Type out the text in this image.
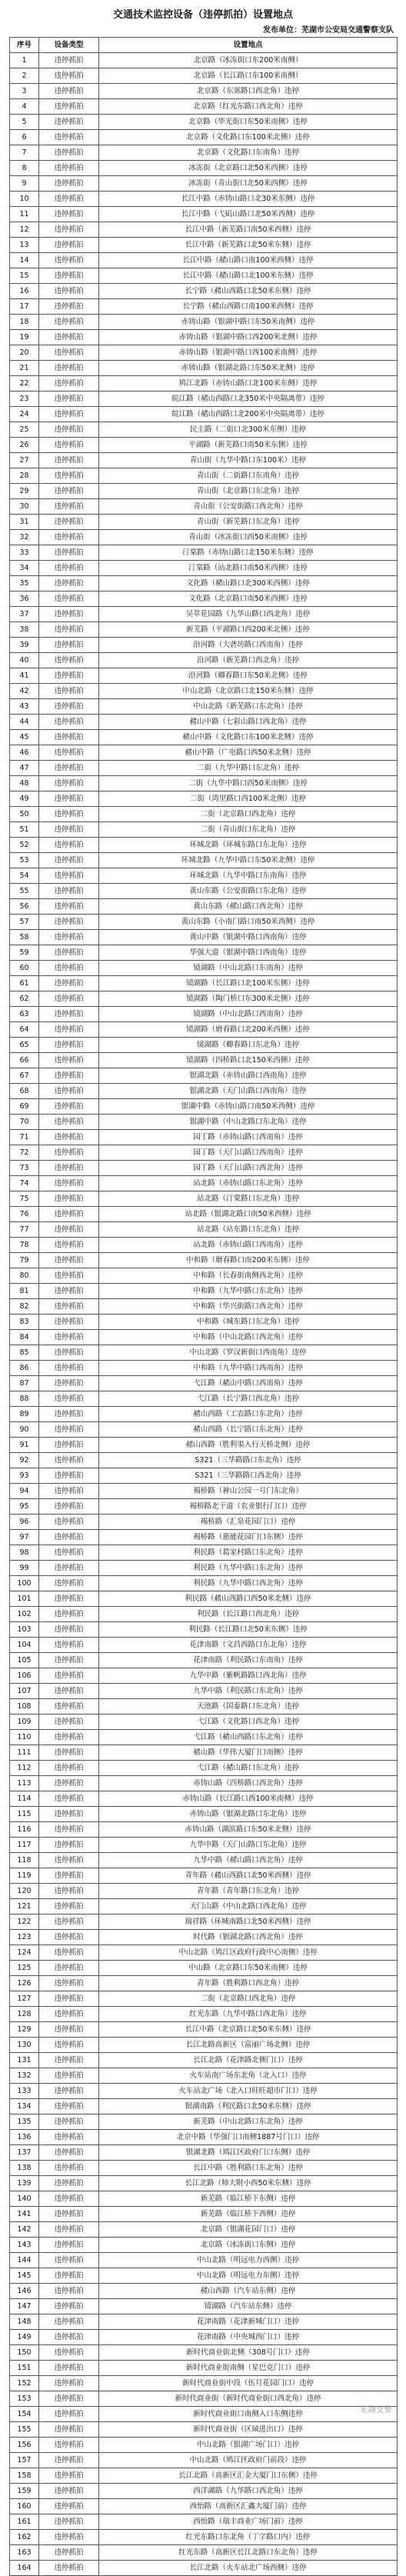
交通技术监控设备（违停抓拍）设置地点
发布单位：芜湖市公安局交通警察支队
序号	设备类型	设置地点
1	违停抓拍	北京路（冰冻街口东200米南侧）
2	违停抓拍	北京路（长江路口东100米南侧）
3	违停抓拍	北京路（东郊路口西北角）违停
4	违停抓拍	北京路（红光东路口西北角）违停
5	违停抓拍	北京路（华光街口东50米南侧）违停
6	违停抓拍	北京路（文化路口东100米北侧）违停
7	违停抓拍	北京路（文化路口东南角）违停
8	违停抓拍	冰冻街（北京路口北50米西侧）违停
9	违停抓拍	冰冻街（青山街口北50米西侧）违停
10	违停抓拍	长江中路（赤铸山路口北30米东侧）违停
11	违停抓拍	长江中路（弋矶山路口北50米西侧）违停
12	违停抓拍	长江中路（新芜路口南50米西侧）违停
13	违停抓拍	长江中路（新芜路口北50米东侧）违停
14	违停抓拍	长江中路（赭山路口南100米西侧）违停
15	违停抓拍	长江中路（赭山路口北100米东侧）违停
16	违停抓拍	长宁路（赭山西路口北50米东侧）违停
17	违停抓拍	长宁路（赭山西路口南100米西侧）违停
18	违停抓拍	赤铸山路（银湖中路口东50米南侧）违停
19	违停抓拍	赤铸山路（银湖中路口西200米北侧）违停
20	违停抓拍	赤铸山路（银湖中路口西100米南侧）违停
21	违停抓拍	赤铸山路（银湖北路口东50米北侧）违停
22	违停抓拍	鸠江北路（赤铸山路口北100米东侧）违停
23	违停抓拍	皖江路（赭山西路口北350米中央隔离带）违停
24	违停抓拍	皖江路（赭山西路口北200米中央隔离带）违停
25	违停抓拍	民主路（二街口北300米东侧）违停
26	违停抓拍	平湖路（新芜路口南50米东侧）违停
27	违停抓拍	青山街（九华中路口东100米）违停
28	违停抓拍	青山街（二街路口东南角）违停
29	违停抓拍	青山街（北京路口东北角）违停
30	违停抓拍	青山街（公安街路口西北角）违停
31	违停抓拍	青山街（新芜路口东北角）违停
32	违停抓拍	青山街（冰冻街口西50米南侧）违停
33	违停抓拍	汀棠路（赤铸山路口北150米东侧）违停
34	违停抓拍	汀棠路（站北路口南50米西侧）违停
35	违停抓拍	文化路（赭山路口北300米西侧）违停
36	违停抓拍	文化路（北京路口南50米西侧）违停
37	违停抓拍	吴萃花园路（九华山路口西北角）违停
38	违停抓拍	新芜路（平湖路口西200米北侧）违停
39	违停抓拍	沿河路（大砻坊路口西南角）违停
40	违停抓拍	沿河路（新芜路口西北角）违停
41	违停抓拍	沿河路（卿春路口东50米北侧）违停
42	违停抓拍	中山北路（北京路口北150米东侧）违停
43	违停抓拍	中山北路（新芜路口东北角）违停
44	违停抓拍	赭山中路（七彩山路口西北角）违停
45	违停抓拍	赭山中路（文化路口东100米北侧）违停
46	违停抓拍	赭山中路（广电路口西50米北侧）违停
47	违停抓拍	二街（九华中路口东北角）违停
48	违停抓拍	二街（九华中路口西50米南侧）违停
49	违停抓拍	二街（湾里路口西100米北侧）违停
50	违停抓拍	二街（北京路口西北角）违停
51	违停抓拍	二街（青山街口东北角）违停
52	违停抓拍	环城北路（环城东路口东北角）违停
53	违停抓拍	环城北路（九华中路口东50米北侧）违停
54	违停抓拍	环城北路（九华中路口东南角）违停
55	违停抓拍	黄山东路（公安街路口东北角）违停
56	违停抓拍	黄山东路（赭山路口西北角）违停
57	违停抓拍	黄山东路（小南门路口南50米西侧）违停
58	违停抓拍	黄山中路（银湖中路口西南角）违停
59	违停抓拍	华强大道（银湖中路口西南角）违停
60	违停抓拍	镜湖路（中山北路口东南角）违停
61	违停抓拍	镜湖路（长江路口北100米东侧）违停
62	违停抓拍	镜湖路（陶门桥口东300米北侧）违停
63	违停抓拍	镜湖路（中山北路口西南角）违停
64	违停抓拍	镜湖路（磨春路口北200米西侧）违停
65	违停抓拍	镜湖路（卿春路口东北角）违停
66	违停抓拍	镜湖路（四桥路口北150米西侧）违停
67	违停抓拍	银湖北路（赤铸山路口西南角）违停
68	违停抓拍	银湖北路（天门山路口西南角）违停
69	违停抓拍	银湖中路（赤铸山路口南50米西侧）违停
70	违停抓拍	银湖中路（中山北路口东北角）违停
71	违停抓拍	园丁路（赤铸山路口西南角）违停
72	违停抓拍	园丁路（天门山路口西南角）违停
73	违停抓拍	园丁路（天门山路口西北角）违停
74	违停抓拍	站北路（赤铸山路口东北角）违停
75	违停抓拍	站北路（汀棠路口东北角）违停
76	违停抓拍	站北路（银湖北路口南50米西侧）违停
77	违停抓拍	站北路（站东路口东北角）违停
78	违停抓拍	站北路（赤铸山路口西南角）违停
79	违停抓拍	中和路（磨春路口南200米东侧）违停
80	违停抓拍	中和路（长春街南侧西北角）违停
81	违停抓拍	中和路（九华中路口东北角）违停
82	违停抓拍	中和路（华兴街路口西北角）违停
83	违停抓拍	中和路（城东路口东北角）违停
84	违停抓拍	中和路（中山北路口西北角）违停
85	违停抓拍	中山北路（罗汉新街口西南角）违停
86	违停抓拍	中和路（九华中路口西南角）违停
87	违停抓拍	弋江路（赭山中路口西南角）违停
88	违停抓拍	弋江路（长宁路口西北角）违停
89	违停抓拍	赭山西路（工农路口东北角）违停
90	违停抓拍	赭山西路（长宁路口东北角）违停
91	违停抓拍	赭山西路（胜利渠入行天桥北侧）违停
92	违停抓拍	S321（三华路路口东北角）违停
93	违停抓拍	S321（三华路路口西北角）违停
94	违停抓拍	褐桥路（神山公园一号门东北角）
95	违停抓拍	褐桥路北干道（农业银行门口）违停
96	违停抓拍	褐桥路（汇泉花园门口）违停
97	违停抓拍	褐桥路（惠能花园门口东侧）违停
98	违停抓拍	利民路（葛家村路口东北角）违停
99	违停抓拍	利民路（九华中路口东北角）违停
100	违停抓拍	利民路（九华中路口西北角）违停
101	违停抓拍	利民路（赭山西路口西50米北侧）违停
102	违停抓拍	利民路（长江路口西北角）违停
103	违停抓拍	利民路（长江路口北50米东侧）违停
104	违停抓拍	花津南路（文昌西路口东北角）违停
105	违停抓拍	花津南路（利民路口东南角）违停
106	违停抓拍	九华中路（紫帆路路口西北角）违停
107	违停抓拍	九华中路（利民路口东北角）违停
108	违停抓拍	天池路（国泰路口东北角）违停
109	违停抓拍	弋江路（文化路口西北角）违停
110	违停抓拍	弋江路（赭山西路口东北角）违停
111	违停抓拍	赭山路（华伟大厦门口南侧）违停
112	违停抓拍	弋江路（赭山路口东北角）违停
113	违停抓拍	赤铸山路（四桥路口西北角）违停
114	违停抓拍	赤铸山路（长江路口西100米南侧）违停
115	违停抓拍	赤铸山路（银湖北路口东北角）违停
116	违停抓拍	赤铸山路（湖滨路口东50米北侧）违停
117	违停抓拍	九华中路（天门山路口东北角）违停
118	违停抓拍	九华中路（赭山路口西北角）违停
119	违停抓拍	青年路（赭山西路口北50米西侧）违停
120	违停抓拍	青年路（青年路口东北角）违停
121	违停抓拍	天门山路（中山北路口西北角）违停
122	违停抓拍	瑞祥路（环城南路口北50米西侧）违停
123	违停抓拍	时代路（银湖北路口西北角）违停
124	违停抓拍	中山北路（鸠江区政府行政中心南侧）违停
125	违停抓拍	中山路（北京路口东50米南侧）违停
126	违停抓拍	青年路（胜利路口西北角）违停
127	违停抓拍	二街（北京路口西北角）违停
128	违停抓拍	红光东路（九华中路口西北角）违停
129	违停抓拍	长江中路（北京路口北50米东侧）违停
130	违停抓拍	长江北路高新区（富丽广场北侧）违停
131	违停抓拍	长江北路（花津路北侧门口）违停
132	违停抓拍	火车站南广场东北角（北入口）违停
133	违停抓拍	火车站北广场（北入口旺旺超市门口）违停
134	违停抓拍	银湖南路（利民路口北50米东侧）违停
135	违停抓拍	新芜路（中山北路口东北角）违停
136	违停抓拍	北京中路（华强门口南侧1887号门口）违停
137	违停抓拍	银湖北路（鸠江区政府门口东侧）违停
138	违停抓拍	长江中路（胜利路口东北角）违停
139	违停抓拍	长江北路（师大附小西50米东侧）违停
140	违停抓拍	新芜路（临江桥下东侧）违停
141	违停抓拍	新芜路（临江桥下西侧）违停
142	违停抓拍	北京路（银湖花园门口）违停
143	违停抓拍	北京路（冰冻街口东侧）违停
144	违停抓拍	中山北路（明远电力西侧）违停
145	违停抓拍	中山北路（明远电力东侧）违停
146	违停抓拍	赭山西路（汽车站东侧）违停
147	违停抓拍	镜湖路（汽车站东侧）违停
148	违停抓拍	花津南路（花津新城门口）违停
149	违停抓拍	花津南路（中央城西门口）违停
150	违停抓拍	新时代商业街北侧（308号门口）违停
151	违停抓拍	新时代商业街南侧（星巴克门口）违停
152	违停抓拍	新时代商业街中段（伍月花园门口）违停
153	违停抓拍	新时代商业街（新时代商业街口西北角）违停
154	违停抓拍	新时代商业街口南侧入口东侧违停
155	违停抓拍	新时代商业街（区域进出口）违停
156	违停抓拍	中山北路（银湖广场门口）违停
157	违停抓拍	中山北路（鸠江区政府门前段）违停
158	违停抓拍	长江北路（高新区汇金大厦门口东侧）违停
159	违停抓拍	西洋湖路（九华路口西北角）违停
160	违停抓拍	西怡路（高新区汇鑫大厦门前）违停
161	违停抓拍	西怡路（瑞丰商业广场门前）违停
162	违停抓拍	红光东路口东北角（丁字路口内）违停
163	违停抓拍	红光东路（高新区长江北路口东北角）违停
164	违停抓拍	长江北路（火车站北广场西侧）违停
芜湖交警
